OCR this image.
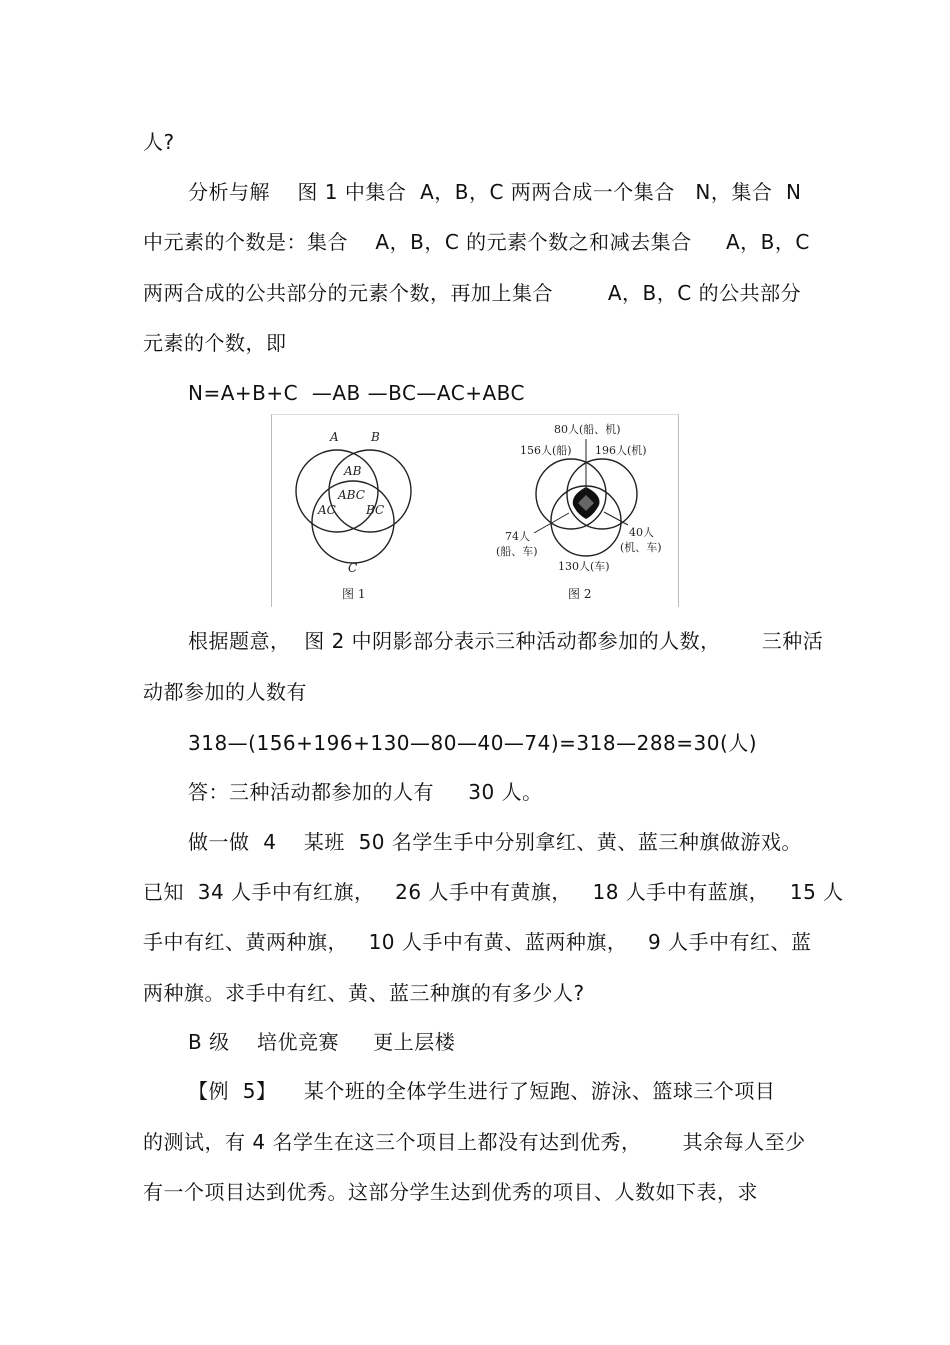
人?
分析与解    图 1 中集合  A，B，C 两两合成一个集合   N，集合  N
中元素的个数是：集合    A，B，C 的元素个数之和减去集合     A，B，C
两两合成的公共部分的元素个数，再加上集合        A，B，C 的公共部分
元素的个数，即
N=A+B+C  —AB —BC—AC+ABC
A	B
AB
ABC
AC	BC
C
图 1
80人(船、机)
156人(船) 196人(机)
74人
(船、车)
40人
(机、车)
130人(车)
图 2
根据题意，  图 2 中阴影部分表示三种活动都参加的人数，      三种活
动都参加的人数有
318—(156+196+130—80—40—74)=318—288=30(人)
答：三种活动都参加的人有     30 人。
做一做  4    某班  50 名学生手中分别拿红、黄、蓝三种旗做游戏。
已知  34 人手中有红旗，   26 人手中有黄旗，   18 人手中有蓝旗，   15 人
手中有红、黄两种旗，   10 人手中有黄、蓝两种旗，   9 人手中有红、蓝
两种旗。求手中有红、黄、蓝三种旗的有多少人?
B 级    培优竞赛     更上层楼
【例  5】    某个班的全体学生进行了短跑、游泳、篮球三个项目
的测试，有 4 名学生在这三个项目上都没有达到优秀，      其余每人至少
有一个项目达到优秀。这部分学生达到优秀的项目、人数如下表，求
